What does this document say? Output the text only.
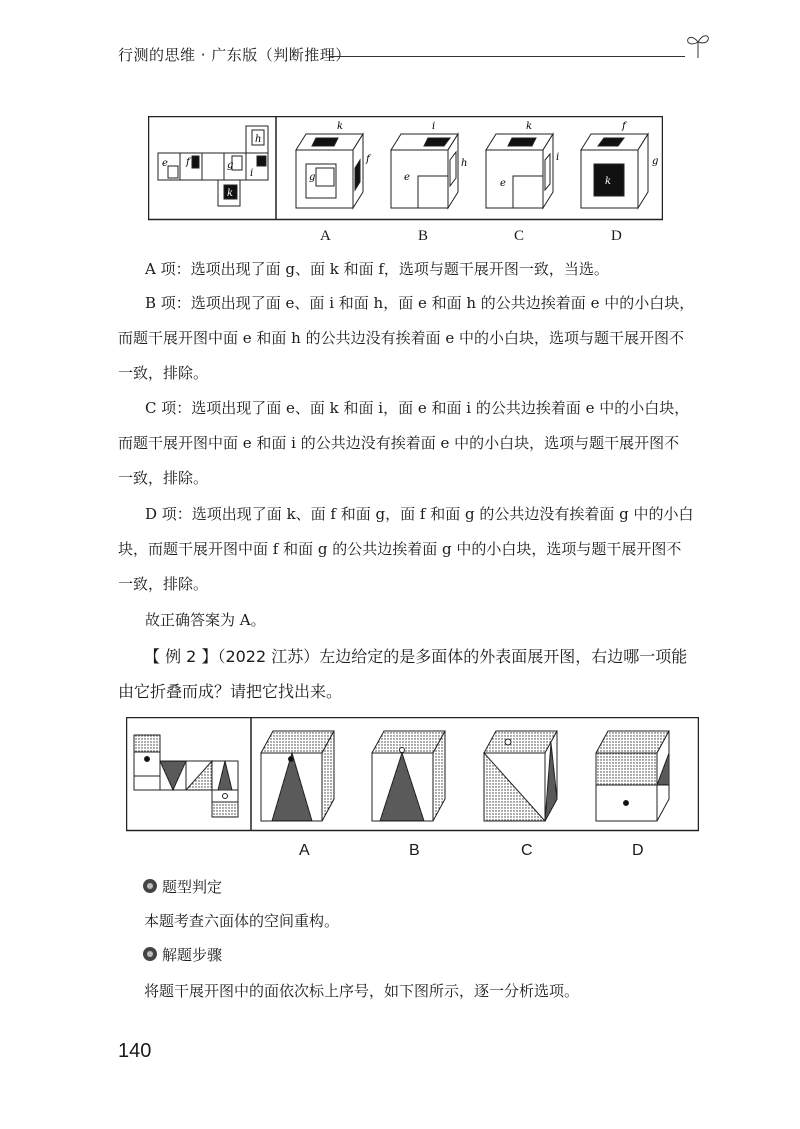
行测的思维 · 广东版（判断推理）
e f	g
h
i
k
k
g
f
i
e
h
k
e
i
f
k
g
A	B	C	D
A 项：选项出现了面 g、面 k 和面 f，选项与题干展开图一致，当选。
B 项：选项出现了面 e、面 i 和面 h，面 e 和面 h 的公共边挨着面 e 中的小白块，
而题干展开图中面 e 和面 h 的公共边没有挨着面 e 中的小白块，选项与题干展开图不
一致，排除。
C 项：选项出现了面 e、面 k 和面 i，面 e 和面 i 的公共边挨着面 e 中的小白块，
而题干展开图中面 e 和面 i 的公共边没有挨着面 e 中的小白块，选项与题干展开图不
一致，排除。
D 项：选项出现了面 k、面 f 和面 g，面 f 和面 g 的公共边没有挨着面 g 中的小白
块，而题干展开图中面 f 和面 g 的公共边挨着面 g 中的小白块，选项与题干展开图不
一致，排除。
故正确答案为 A。
【 例 2 】（2022 江苏）左边给定的是多面体的外表面展开图，右边哪一项能
由它折叠而成？请把它找出来。
A	B	C	D
题型判定
本题考查六面体的空间重构。
解题步骤
将题干展开图中的面依次标上序号，如下图所示，逐一分析选项。
140
